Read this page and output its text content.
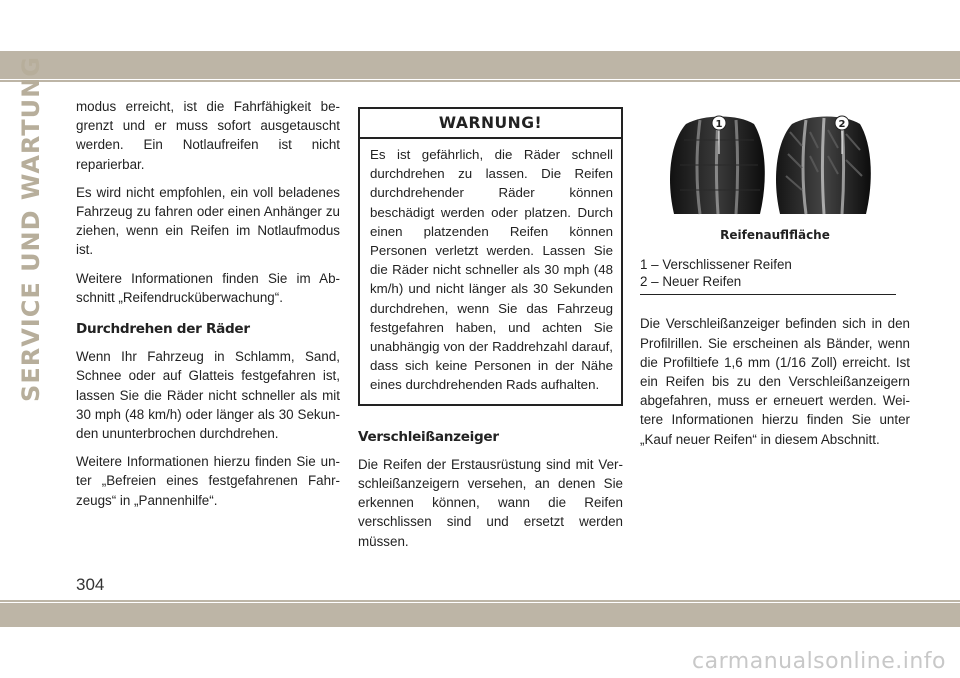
SERVICE UND WARTUNG modus erreicht, ist die Fahrfähigkeit begrenzt und er muss sofort ausgetauscht werden. Ein Notlaufreifen ist nicht reparierbar.

Es wird nicht empfohlen, ein voll beladenes Fahrzeug zu fahren oder einen Anhänger zu ziehen, wenn ein Reifen im Notlaufmodus ist.

Weitere Informationen finden Sie im Abschnitt „Reifendrucküberwachung“.

Durchdrehen der Räder

Wenn Ihr Fahrzeug in Schlamm, Sand, Schnee oder auf Glatteis festgefahren ist, lassen Sie die Räder nicht schneller als mit 30 mph (48 km/h) oder länger als 30 Sekunden ununterbrochen durchdrehen.

Weitere Informationen hierzu finden Sie unter „Befreien eines festgefahrenen Fahrzeugs“ in „Pannenhilfe“.

WARNUNG!
Es ist gefährlich, die Räder schnell durchdrehen zu lassen. Die Reifen durchdrehender Räder können beschädigt werden oder platzen. Durch einen platzenden Reifen können Personen verletzt werden. Lassen Sie die Räder nicht schneller als 30 mph (48 km/h) und nicht länger als 30 Sekunden durchdrehen, wenn Sie das Fahrzeug festgefahren haben, und achten Sie unabhängig von der Raddrehzahl darauf, dass sich keine Personen in der Nähe eines durchdrehenden Rads aufhalten.
Verschleißanzeiger

Die Reifen der Erstausrüstung sind mit Verschleißanzeigern versehen, an denen Sie erkennen können, wann die Reifen verschlissen sind und ersetzt werden müssen.

1	2
Reifenauflfläche
1 – Verschlissener Reifen
2 – Neuer Reifen

Die Verschleißanzeiger befinden sich in den Profilrillen. Sie erscheinen als Bänder, wenn die Profiltiefe 1,6 mm (1/16 Zoll) erreicht. Ist ein Reifen bis zu den Verschleißanzeigern abgefahren, muss er erneuert werden. Weitere Informationen hierzu finden Sie unter „Kauf neuer Reifen“ in diesem Abschnitt.

304
carmanualsonline.info
